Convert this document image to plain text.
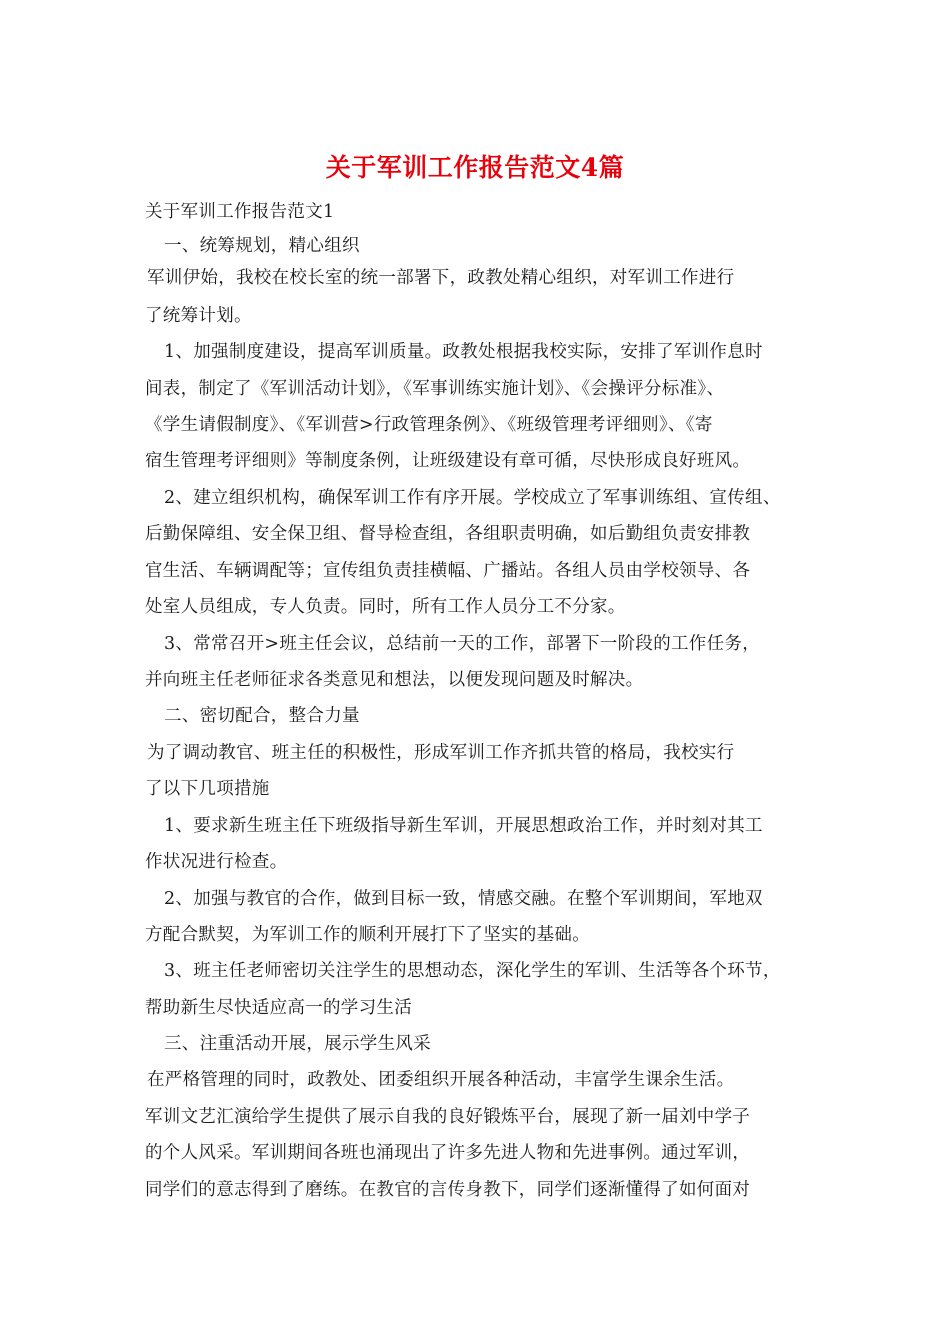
关于军训工作报告范文4篇
关于军训工作报告范文1
一、统筹规划，精心组织
军训伊始，我校在校长室的统一部署下，政教处精心组织，对军训工作进行
了统筹计划。
1、加强制度建设，提高军训质量。政教处根据我校实际，安排了军训作息时
间表，制定了《军训活动计划》，《军事训练实施计划》、《会操评分标准》、
《学生请假制度》、《军训营>行政管理条例》、《班级管理考评细则》、《寄
宿生管理考评细则》等制度条例，让班级建设有章可循，尽快形成良好班风。
2、建立组织机构，确保军训工作有序开展。学校成立了军事训练组、宣传组、
后勤保障组、安全保卫组、督导检查组，各组职责明确，如后勤组负责安排教
官生活、车辆调配等；宣传组负责挂横幅、广播站。各组人员由学校领导、各
处室人员组成，专人负责。同时，所有工作人员分工不分家。
3、常常召开>班主任会议，总结前一天的工作，部署下一阶段的工作任务，
并向班主任老师征求各类意见和想法，以便发现问题及时解决。
二、密切配合，整合力量
为了调动教官、班主任的积极性，形成军训工作齐抓共管的格局，我校实行
了以下几项措施
1、要求新生班主任下班级指导新生军训，开展思想政治工作，并时刻对其工
作状况进行检查。
2、加强与教官的合作，做到目标一致，情感交融。在整个军训期间，军地双
方配合默契，为军训工作的顺利开展打下了坚实的基础。
3、班主任老师密切关注学生的思想动态，深化学生的军训、生活等各个环节，
帮助新生尽快适应高一的学习生活
三、注重活动开展，展示学生风采
在严格管理的同时，政教处、团委组织开展各种活动，丰富学生课余生活。
军训文艺汇演给学生提供了展示自我的良好锻炼平台，展现了新一届刘中学子
的个人风采。军训期间各班也涌现出了许多先进人物和先进事例。通过军训，
同学们的意志得到了磨练。在教官的言传身教下，同学们逐渐懂得了如何面对
